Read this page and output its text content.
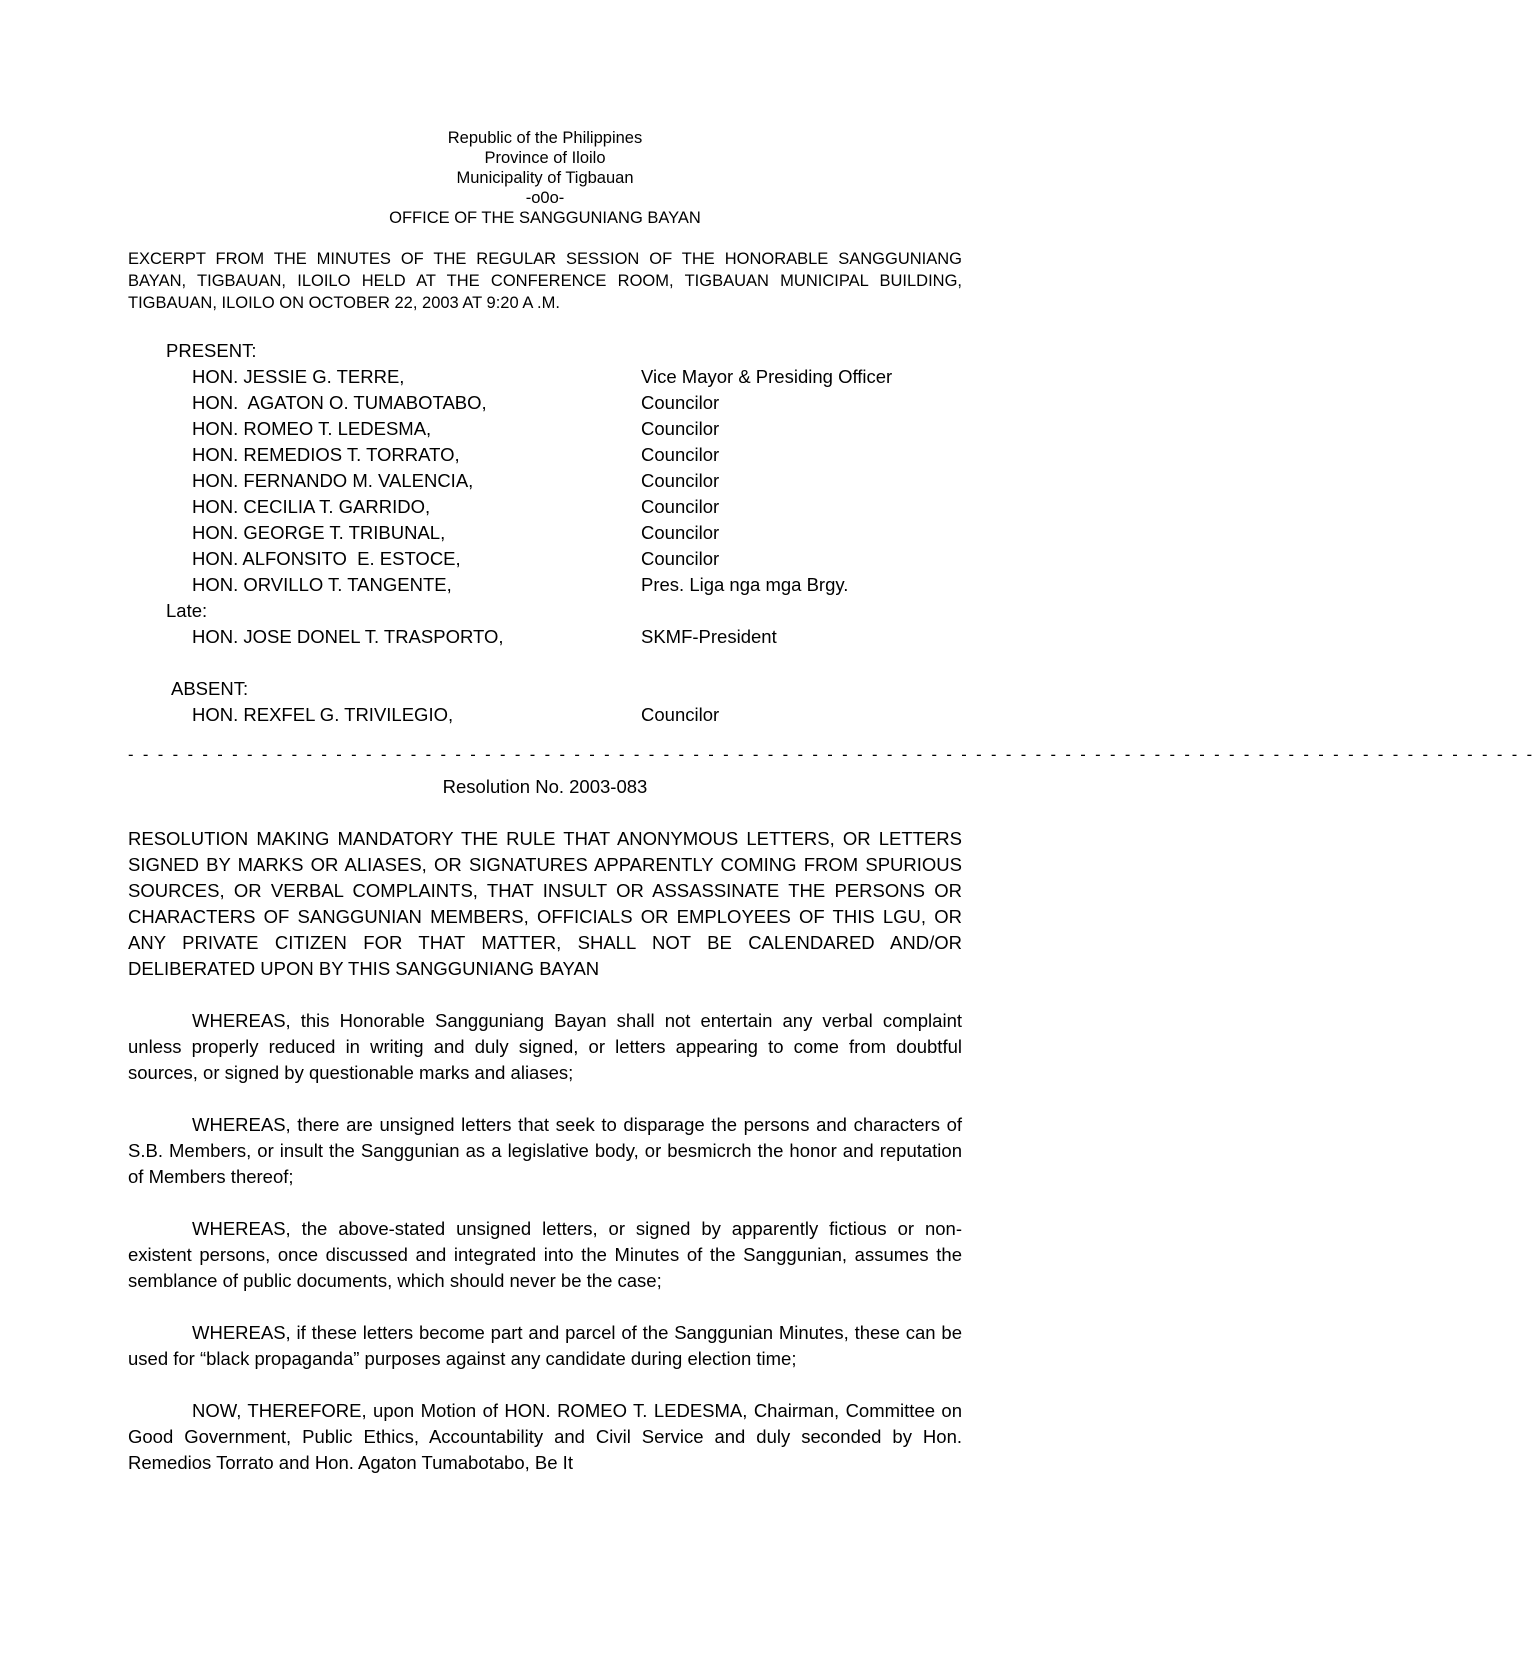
Republic of the Philippines
Province of Iloilo
Municipality of Tigbauan
-o0o-
OFFICE OF THE SANGGUNIANG BAYAN
EXCERPT FROM THE MINUTES OF THE REGULAR SESSION OF THE HONORABLE SANGGUNIANG BAYAN, TIGBAUAN, ILOILO HELD AT THE CONFERENCE ROOM, TIGBAUAN MUNICIPAL BUILDING, TIGBAUAN, ILOILO ON OCTOBER 22, 2003 AT 9:20 A .M.
PRESENT:
HON. JESSIE G. TERRE,	Vice Mayor & Presiding Officer
HON.  AGATON O. TUMABOTABO,	Councilor
HON. ROMEO T. LEDESMA,	Councilor
HON. REMEDIOS T. TORRATO,	Councilor
HON. FERNANDO M. VALENCIA,	Councilor
HON. CECILIA T. GARRIDO,	Councilor
HON. GEORGE T. TRIBUNAL,	Councilor
HON. ALFONSITO  E. ESTOCE,	Councilor
HON. ORVILLO T. TANGENTE,	Pres. Liga nga mga Brgy.
Late:
HON. JOSE DONEL T. TRASPORTO,	SKMF-President
ABSENT:
HON. REXFEL G. TRIVILEGIO,	Councilor
- - - - - - - - - - - - - - - - - - - - - - - - - - - - - - - - - - - - - - - - - - - - - - - - - - - - - - - - - - - - - - - - - - - - - - - - - - - - - - - - - - - - - - - - - - - - - - -
Resolution No. 2003-083
RESOLUTION MAKING MANDATORY THE RULE THAT ANONYMOUS LETTERS, OR LETTERS SIGNED BY MARKS OR ALIASES, OR SIGNATURES APPARENTLY COMING FROM SPURIOUS SOURCES, OR VERBAL COMPLAINTS, THAT INSULT OR ASSASSINATE THE PERSONS OR CHARACTERS OF SANGGUNIAN MEMBERS, OFFICIALS OR EMPLOYEES OF THIS LGU, OR ANY PRIVATE CITIZEN FOR THAT MATTER, SHALL NOT BE CALENDARED AND/OR DELIBERATED UPON BY THIS SANGGUNIANG BAYAN
WHEREAS, this Honorable Sangguniang Bayan shall not entertain any verbal complaint unless properly reduced in writing and duly signed, or letters appearing to come from doubtful sources, or signed by questionable marks and aliases;
WHEREAS, there are unsigned letters that seek to disparage the persons and characters of S.B. Members, or insult the Sanggunian as a legislative body, or besmicrch the honor and reputation of Members thereof;
WHEREAS, the above-stated unsigned letters, or signed by apparently fictious or non-existent persons, once discussed and integrated into the Minutes of the Sanggunian, assumes the semblance of public documents, which should never be the case;
WHEREAS, if these letters become part and parcel of the Sanggunian Minutes, these can be used for “black propaganda” purposes against any candidate during election time;
NOW, THEREFORE, upon Motion of HON. ROMEO T. LEDESMA, Chairman, Committee on Good Government, Public Ethics, Accountability and Civil Service and duly seconded by Hon. Remedios Torrato and Hon. Agaton Tumabotabo, Be It
